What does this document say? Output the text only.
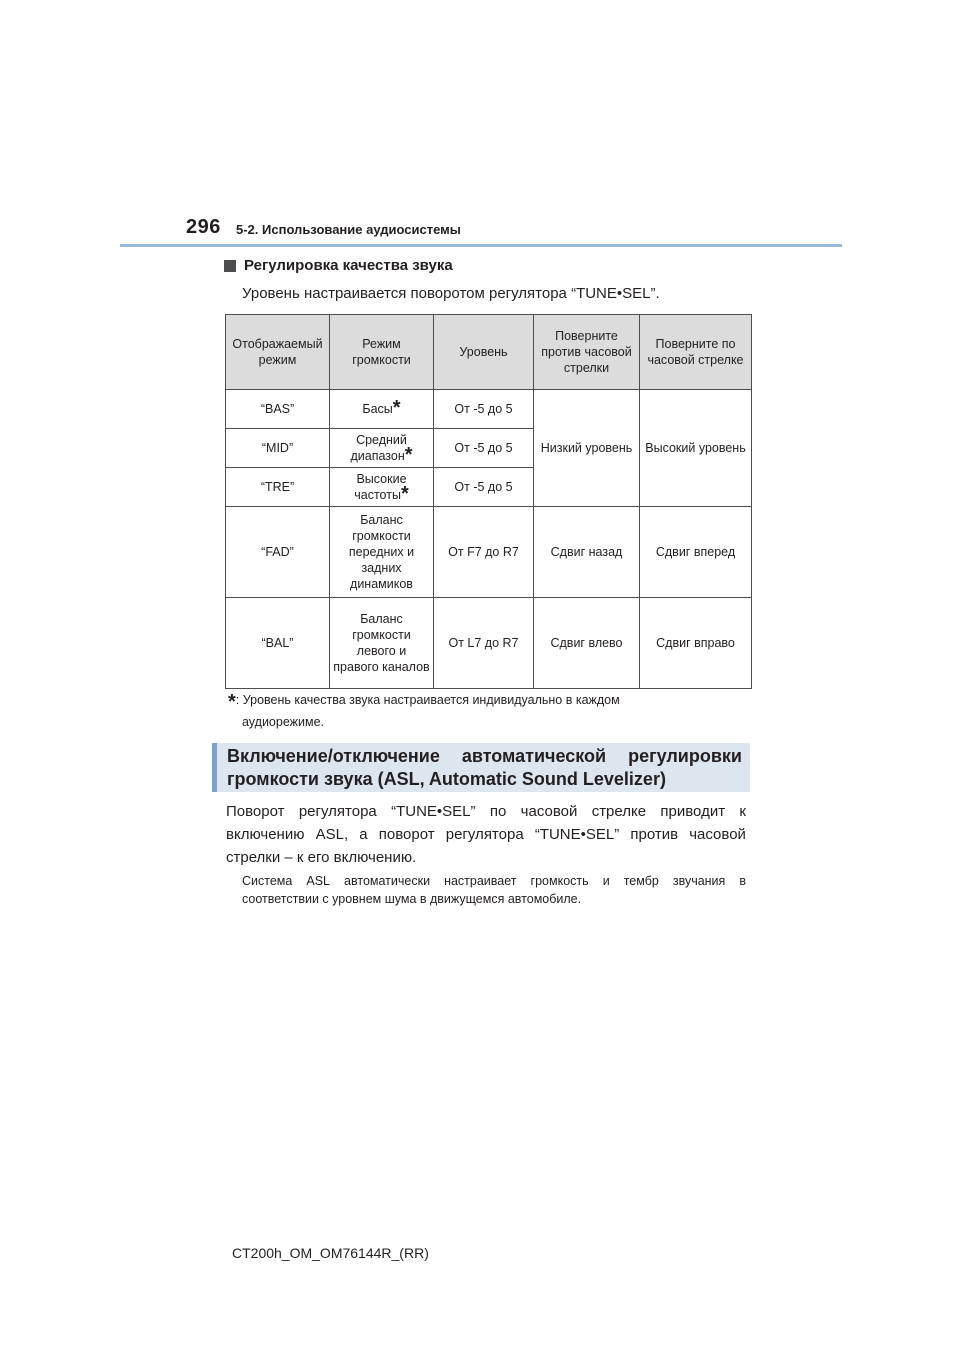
296 5-2. Использование аудиосистемы
Регулировка качества звука
Уровень настраивается поворотом регулятора “TUNE•SEL”.
Отображаемый режим	Режим громкости	Уровень	Поверните против часовой стрелки	Поверните по часовой стрелке
“BAS”	Басы*	От -5 до 5	Низкий уровень	Высокий уровень
“MID”	Средний диапазон*	От -5 до 5		
“TRE”	Высокие частоты*	От -5 до 5		
“FAD”	Баланс громкости передних и задних динамиков	От F7 до R7	Сдвиг назад	Сдвиг вперед
“BAL”	Баланс громкости левого и правого каналов	От L7 до R7	Сдвиг влево	Сдвиг вправо
*: Уровень качества звука настраивается индивидуально в каждом
аудиорежиме.
Включение/отключение автоматической регулировки
громкости звука (ASL, Automatic Sound Levelizer)
Поворот регулятора “TUNE•SEL” по часовой стрелке приводит к
включению ASL, а поворот регулятора “TUNE•SEL” против часовой
стрелки – к его включению.
Система ASL автоматически настраивает громкость и тембр звучания в
соответствии с уровнем шума в движущемся автомобиле.
CT200h_OM_OM76144R_(RR)
